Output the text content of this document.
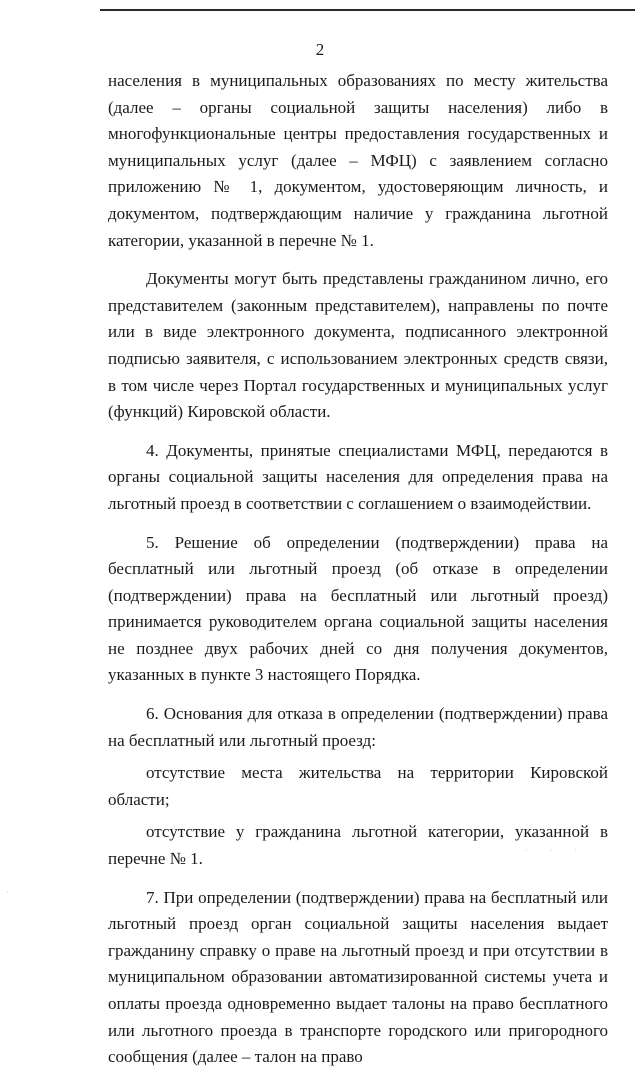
2

населения в муниципальных образованиях по месту жительства (далее – органы социальной защиты населения) либо в многофункциональные центры предоставления государственных и муниципальных услуг (далее – МФЦ) с заявлением согласно приложению № 1, документом, удостоверяющим личность, и документом, подтверждающим наличие у гражданина льготной категории, указанной в перечне № 1.

Документы могут быть представлены гражданином лично, его представителем (законным представителем), направлены по почте или в виде электронного документа, подписанного электронной подписью заявителя, с использованием электронных средств связи, в том числе через Портал государственных и муниципальных услуг (функций) Кировской области.

4. Документы, принятые специалистами МФЦ, передаются в органы социальной защиты населения для определения права на льготный проезд в соответствии с соглашением о взаимодействии.

5. Решение об определении (подтверждении) права на бесплатный или льготный проезд (об отказе в определении (подтверждении) права на бесплатный или льготный проезд) принимается руководителем органа социальной защиты населения не позднее двух рабочих дней со дня получения документов, указанных в пункте 3 настоящего Порядка.

6. Основания для отказа в определении (подтверждении) права на бесплатный или льготный проезд:

отсутствие места жительства на территории Кировской области;

отсутствие у гражданина льготной категории, указанной в перечне № 1.

7. При определении (подтверждении) права на бесплатный или льготный проезд орган социальной защиты населения выдает гражданину справку о праве на льготный проезд и при отсутствии в муниципальном образовании автоматизированной системы учета и оплаты проезда одновременно выдает талоны на право бесплатного или льготного проезда в транспорте городского или пригородного сообщения (далее – талон на право

· · ·
·
